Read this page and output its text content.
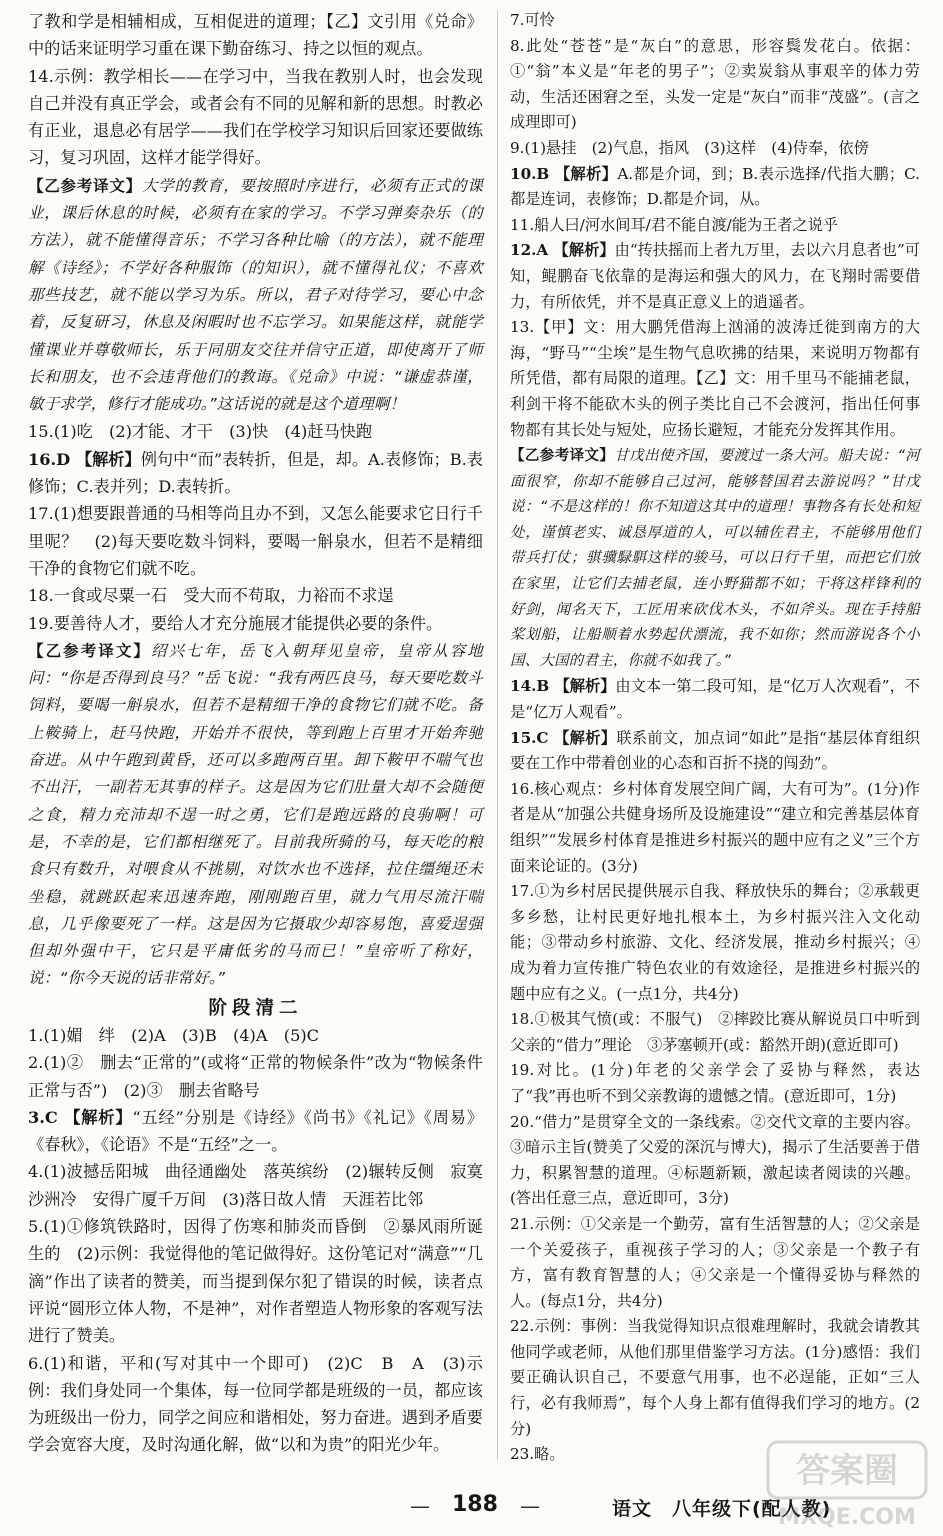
了教和学是相辅相成，互相促进的道理；【乙】文引用《兑命》中的话来证明学习重在课下勤奋练习、持之以恒的观点。

14.示例：教学相长——在学习中，当我在教别人时，也会发现自己并没有真正学会，或者会有不同的见解和新的思想。时教必有正业，退息必有居学——我们在学校学习知识后回家还要做练习，复习巩固，这样才能学得好。

【乙参考译文】大学的教育，要按照时序进行，必须有正式的课业，课后休息的时候，必须有在家的学习。不学习弹奏杂乐（的方法），就不能懂得音乐；不学习各种比喻（的方法），就不能理解《诗经》；不学好各种服饰（的知识），就不懂得礼仪；不喜欢那些技艺，就不能以学习为乐。所以，君子对待学习，要心中念着，反复研习，休息及闲暇时也不忘学习。如果能这样，就能学懂课业并尊敬师长，乐于同朋友交往并信守正道，即使离开了师长和朋友，也不会违背他们的教诲。《兑命》中说：“谦虚恭谨，敏于求学，修行才能成功。”这话说的就是这个道理啊！

15.(1)吃　(2)才能、才干　(3)快　(4)赶马快跑

16.D 【解析】例句中“而”表转折，但是，却。A.表修饰；B.表修饰；C.表并列；D.表转折。

17.(1)想要跟普通的马相等尚且办不到，又怎么能要求它日行千里呢？　(2)每天要吃数斗饲料，要喝一斛泉水，但若不是精细干净的食物它们就不吃。

18.一食或尽粟一石　受大而不苟取，力裕而不求逞

19.要善待人才，要给人才充分施展才能提供必要的条件。

【乙参考译文】绍兴七年，岳飞入朝拜见皇帝，皇帝从容地问：“你是否得到良马？”岳飞说：“我有两匹良马，每天要吃数斗饲料，要喝一斛泉水，但若不是精细干净的食物它们就不吃。备上鞍骑上，赶马快跑，开始并不很快，等到跑上百里才开始奔驰奋进。从中午跑到黄昏，还可以多跑两百里。卸下鞍甲不喘气也不出汗，一副若无其事的样子。这是因为它们肚量大却不会随便之食，精力充沛却不逞一时之勇，它们是跑远路的良驹啊！可是，不幸的是，它们都相继死了。目前我所骑的马，每天吃的粮食只有数升，对喂食从不挑剔，对饮水也不选择，拉住缰绳还未坐稳，就跳跃起来迅速奔跑，刚刚跑百里，就力气用尽流汗喘息，几乎像要死了一样。这是因为它摄取少却容易饱，喜爱逞强但却外强中干，它只是平庸低劣的马而已！”皇帝听了称好，说：“你今天说的话非常好。”

阶段清二

1.(1)媚　绊　(2)A　(3)B　(4)A　(5)C

2.(1)②　删去“正常的”(或将“正常的物候条件”改为“物候条件正常与否”)　(2)③　删去省略号

3.C 【解析】“五经”分别是《诗经》《尚书》《礼记》《周易》《春秋》，《论语》不是“五经”之一。

4.(1)波撼岳阳城　曲径通幽处　落英缤纷　(2)辗转反侧　寂寞沙洲冷　安得广厦千万间　(3)落日故人情　天涯若比邻

5.(1)①修筑铁路时，因得了伤寒和肺炎而昏倒　②暴风雨所诞生的　(2)示例：我觉得他的笔记做得好。这份笔记对“满意”“几滴”作出了读者的赞美，而当提到保尔犯了错误的时候，读者点评说“圆形立体人物，不是神”，对作者塑造人物形象的客观写法进行了赞美。

6.(1)和谐，平和(写对其中一个即可)　(2)C　B　A　(3)示例：我们身处同一个集体，每一位同学都是班级的一员，都应该为班级出一份力，同学之间应和谐相处，努力奋进。遇到矛盾要学会宽容大度，及时沟通化解，做“以和为贵”的阳光少年。

7.可怜

8.此处“苍苍”是“灰白”的意思，形容鬓发花白。依据：①“翁”本义是“年老的男子”；②卖炭翁从事艰辛的体力劳动，生活还困窘之至，头发一定是“灰白”而非“茂盛”。(言之成理即可)

9.(1)悬挂　(2)气息，指风　(3)这样　(4)侍奉，依傍

10.B 【解析】A.都是介词，到；B.表示选择/代指大鹏；C.都是连词，表修饰；D.都是介词，从。

11.船人曰/河水间耳/君不能自渡/能为王者之说乎

12.A 【解析】由“抟扶摇而上者九万里，去以六月息者也”可知，鲲鹏奋飞依靠的是海运和强大的风力，在飞翔时需要借力，有所依凭，并不是真正意义上的逍遥者。

13.【甲】文：用大鹏凭借海上汹涌的波涛迁徙到南方的大海，“野马”“尘埃”是生物气息吹拂的结果，来说明万物都有所凭借，都有局限的道理。【乙】文：用千里马不能捕老鼠，利剑干将不能砍木头的例子类比自己不会渡河，指出任何事物都有其长处与短处，应扬长避短，才能充分发挥其作用。

【乙参考译文】甘戊出使齐国，要渡过一条大河。船夫说：“河面很窄，你却不能够自己过河，能够替国君去游说吗？”甘戊说：“不是这样的！你不知道这其中的道理！事物各有长处和短处，谨慎老实、诚恳厚道的人，可以辅佐君主，不能够用他们带兵打仗；骐骥騄駬这样的骏马，可以日行千里，而把它们放在家里，让它们去捕老鼠，连小野猫都不如；干将这样锋利的好剑，闻名天下，工匠用来砍伐木头，不如斧头。现在手持船桨划船，让船顺着水势起伏漂流，我不如你；然而游说各个小国、大国的君主，你就不如我了。”

14.B 【解析】由文本一第二段可知，是“亿万人次观看”，不是“亿万人观看”。

15.C 【解析】联系前文，加点词“如此”是指“基层体育组织要在工作中带着创业的心态和百折不挠的闯劲”。

16.核心观点：乡村体育发展空间广阔，大有可为”。(1分)作者是从“加强公共健身场所及设施建设”“建立和完善基层体育组织”“发展乡村体育是推进乡村振兴的题中应有之义”三个方面来论证的。(3分)

17.①为乡村居民提供展示自我、释放快乐的舞台；②承载更多乡愁，让村民更好地扎根本土，为乡村振兴注入文化动能；③带动乡村旅游、文化、经济发展，推动乡村振兴；④成为着力宣传推广特色农业的有效途径，是推进乡村振兴的题中应有之义。(一点1分，共4分)

18.①极其气愤(或：不服气)　②摔跤比赛从解说员口中听到父亲的“借力”理论　③茅塞顿开(或：豁然开朗)(意近即可)

19.对比。(1分)年老的父亲学会了妥协与释然，表达了“我”再也听不到父亲教诲的遗憾之情。(意近即可，1分)

20.“借力”是贯穿全文的一条线索。②交代文章的主要内容。③暗示主旨(赞美了父爱的深沉与博大)，揭示了生活要善于借力，积累智慧的道理。④标题新颖，激起读者阅读的兴趣。(答出任意三点，意近即可，3分)

21.示例：①父亲是一个勤劳，富有生活智慧的人；②父亲是一个关爱孩子，重视孩子学习的人；③父亲是一个教子有方，富有教育智慧的人；④父亲是一个懂得妥协与释然的人。(每点1分，共4分)

22.示例：事例：当我觉得知识点很难理解时，我就会请教其他同学或老师，从他们那里借鉴学习方法。(1分)感悟：我们要正确认识自己，不要意气用事，也不必逞能，正如“三人行，必有我师焉”，每个人身上都有值得我们学习的地方。(2分)

23.略。

— 188 —	语文　八年级下(配人教)
答案圈
MXQE.COM
